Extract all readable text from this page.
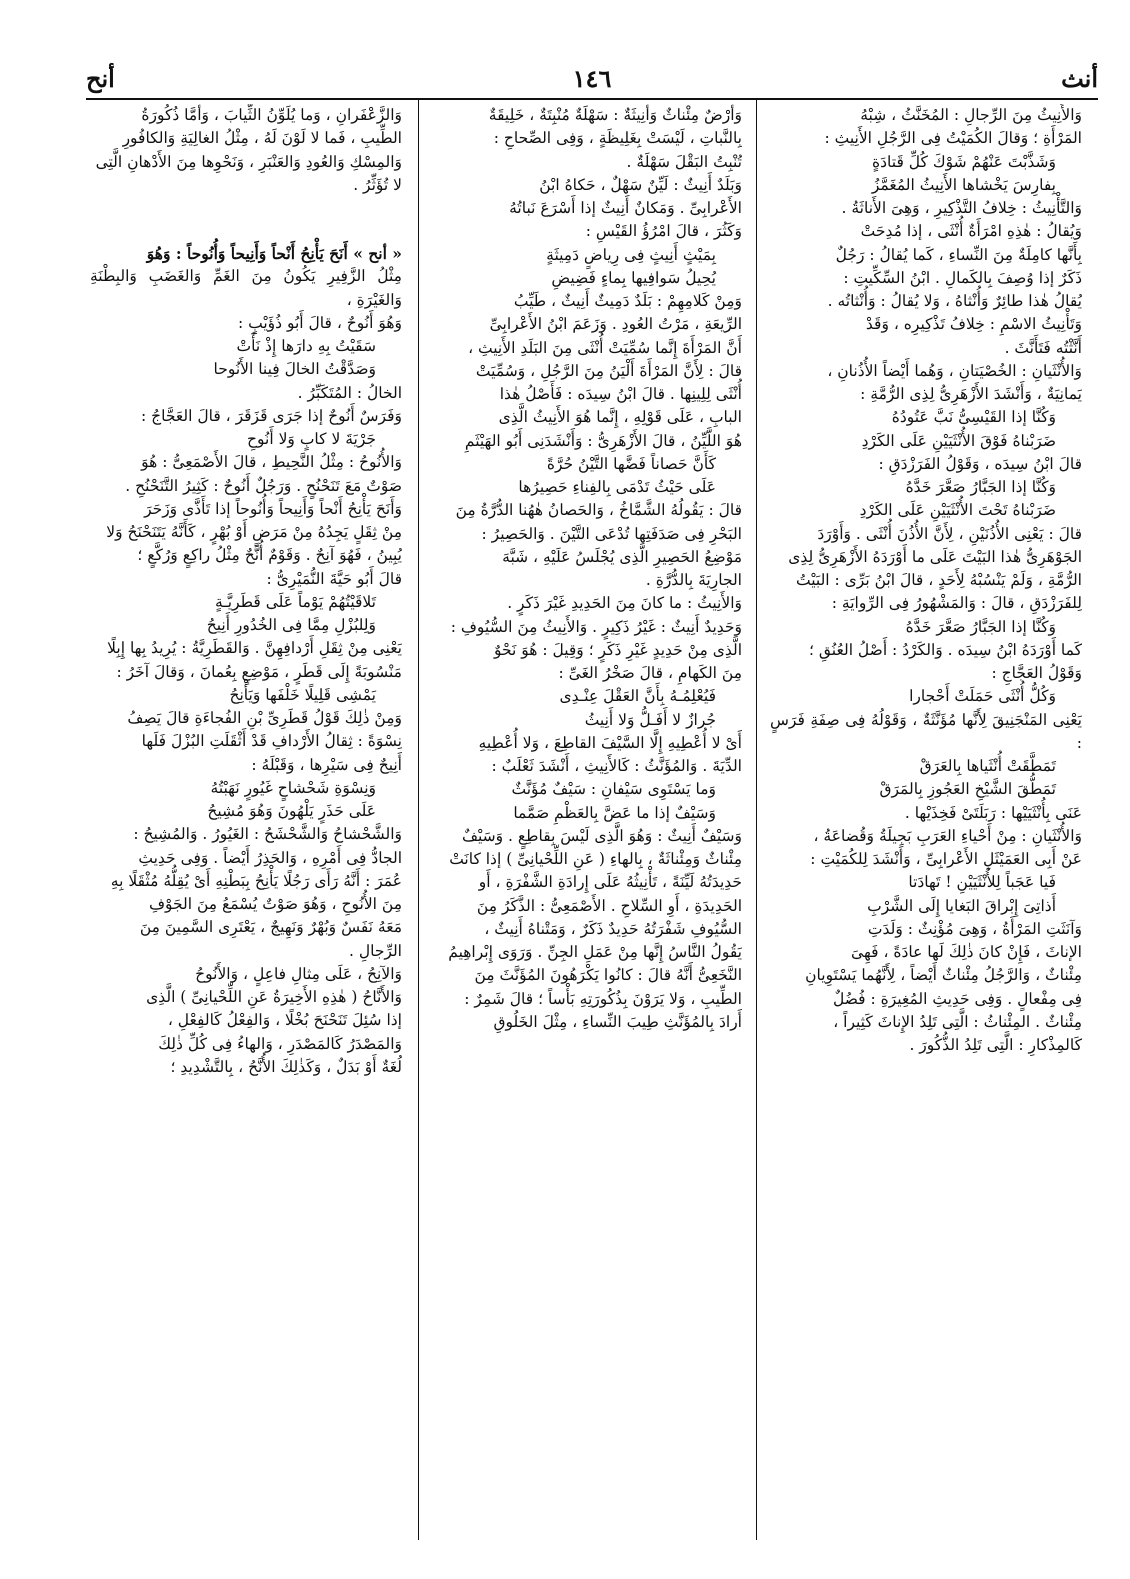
أنث
١٤٦
أنح

وَالأَنِيثُ مِنَ الرِّجالِ : المُخَنَّثُ ، شِبْهُ

المَرْأَةِ ؛ وَقالَ الكُمَيْتُ فِى الرَّجُلِ الأَنِيثِ :

وَشَذَّبْتَ عَنْهُمْ شَوْكَ كُلِّ قَتادَةٍ

بِفارِسَ يَخْشاها الأَنِيثُ المُغَمَّزُ

وَالتَّأْنِيثُ : خِلافُ التَّذْكِيرِ ، وَهِىَ الأَناثَةُ .

وَيُقالُ : هٰذِهِ امْرَأَةٌ أُنْثَى ، إذا مُدِحَتْ

بِأَنَّها كامِلَةٌ مِنَ النِّساءِ ، كَما يُقالُ : رَجُلٌ

ذَكَرٌ إذا وُصِفَ بِالكَمالِ . ابْنُ السِّكِّيتِ :

يُقالُ هٰذا طائِرٌ وَأُنْثاهُ ، وَلا يُقالُ : وَأُنْثاتُه .

وَتَأْنِيثُ الاسْمِ : خِلافُ تَذْكِيرِه ، وَقَدْ

أَنَّثْتُه فَتَأَنَّثَ .

وَالأُنْثَيانِ : الخُصْيَتانِ ، وَهُما أَيْضاً الأُذُنانِ ،

يَمانِيَةٌ ، وَأَنْشَدَ الأَزْهَرِىُّ لِذِى الرُّمَّةِ :

وَكُنَّا إذا القَيْسِىُّ نَبَّ عَتُودُهُ

ضَرَبْناهُ فَوْقَ الأُنْثَيَيْنِ عَلَى الكَرْدِ

قالَ ابْنُ سِيدَه ، وَقَوْلُ الفَرَزْدَقِ :

وَكُنَّا إذا الجَبَّارُ صَعَّرَ خَدَّهُ

ضَرَبْناهُ تَحْتَ الأُنْثَيَيْنِ عَلَى الكَرْدِ

قالَ : يَعْنِى الأُذُنَيْنِ ، لِأَنَّ الأُذُنَ أُنْثَى . وَأَوْرَدَ

الجَوْهَرِىُّ هٰذا البَيْتَ عَلَى ما أَوْرَدَهُ الأَزْهَرِىُّ لِذِى

الرُّمَّةِ ، وَلَمْ يَنْسُبْهُ لِأَحَدٍ ، قالَ ابْنُ بَرِّى : البَيْتُ

لِلفَرَزْدَقِ ، قالَ : وَالمَشْهُورُ فِى الرِّوايَةِ :

وَكُنَّا إذا الجَبَّارُ صَعَّرَ خَدَّهُ

كَما أَوْرَدَهُ ابْنُ سِيدَه . وَالكَرْدُ : أَصْلُ العُنُقِ ؛

وَقَوْلُ العَجَّاجِ :

وَكُلُّ أُنْثَى حَمَلَتْ أَحْجارا

يَعْنِى المَنْجَنِيقَ لِأَنَّها مُؤَنَّثَةٌ ، وَقَوْلُهُ فِى صِفَةِ فَرَسٍ :

تَمَطَّقَتْ أُنْثَياها بِالعَرَقْ

تَمَطُّقَ الشَّيْخِ العَجُوزِ بِالمَرَقْ

عَنَى بِأُنْثَيَيْها : رَبَلَتَىْ فَخِذَيْها .

وَالأُنْثَيانِ : مِنْ أَحْياءِ العَرَبِ بَجِيلَةُ وَقُضاعَةُ ،

عَنْ أَبِى العَمَيْثَلِ الأَعْرابِىِّ ، وَأَنْشَدَ لِلكُمَيْتِ :

فَيا عَجَباً لِلأُنْثَيَيْنِ ! تَهادَتا

أَذاتِىَ إِبْراقَ البَغايا إِلَى الشَّرْبِ

وَآنَثَتِ المَرْأَةُ ، وَهِىَ مُؤْنِثٌ : وَلَدَتِ

الإناثَ ، فَإِنْ كانَ ذٰلِكَ لَها عادَةً ، فَهِىَ

مِئْناثٌ ، وَالرَّجُلُ مِئْناثٌ أَيْضاً ، لِأَنَّهُما يَسْتَوِيانِ

فِى مِفْعالٍ . وَفِى حَدِيثِ المُغِيرَةِ : فُضُلٌ

مِئْناثٌ . المِئْناثُ : الَّتِى تَلِدُ الإِناثَ كَثِيراً ،

كَالمِذْكارِ : الَّتِى تَلِدُ الذُّكُورَ .

وَأَرْضٌ مِئْناثٌ وَأَنِيثَةٌ : سَهْلَةٌ مُنْبِتَةٌ ، خَلِيقَةٌ

بِالنَّباتِ ، لَيْسَتْ بِغَلِيظَةٍ ، وَفِى الصِّحاحِ :

تُنْبِتُ البَقْلَ سَهْلَةٌ .

وَبَلَدٌ أَنِيثٌ : لَيِّنٌ سَهْلٌ ، حَكاهُ ابْنُ

الأَعْرابِىِّ . وَمَكانٌ أَنِيثٌ إذا أَسْرَعَ نَباتُهُ

وَكَثُرَ ، قالَ امْرُؤُ القَيْسِ :

بِمَيْثٍ أَنِيثٍ فِى رِياضٍ دَمِيثَةٍ

يُحِيلُ سَوافِيها بِماءٍ فَضِيضِ

وَمِنْ كَلامِهِمْ : بَلَدٌ دَمِيثٌ أَنِيثٌ ، طَيِّبُ

الرِّيعَةِ ، مَرْتُ العُودِ . وَزَعَمَ ابْنُ الأَعْرابِىِّ

أَنَّ المَرْأَةَ إِنَّما سُمِّيَتْ أُنْثَى مِنَ البَلَدِ الأَنِيثِ ،

قالَ : لِأَنَّ المَرْأَةَ أَلْيَنُ مِنَ الرَّجُلِ ، وَسُمِّيَتْ

أُنْثَى لِلِينِها . قالَ ابْنُ سِيدَه : فَأَصْلُ هٰذا

البابِ ، عَلَى قَوْلِهِ ، إِنَّما هُوَ الأَنِيثُ الَّذِى

هُوَ اللَّيِّنُ ، قالَ الأَزْهَرِىُّ : وَأَنْشَدَنِى أَبُو الهَيْثَمِ

كَأَنَّ حَصاناً فَضَّها التَّيْنُ حُرَّةً

عَلَى حَيْثُ تَدْمَى بِالفِناءِ حَصِيرُها

قالَ : يَقُولُهُ الشَّمَّاخُ ، وَالحَصانُ هٰهُنا الدُّرَّةُ مِنَ

البَحْرِ فِى صَدَفَتِها تُدْعَى التَّيْنَ . وَالحَصِيرُ :

مَوْضِعُ الحَصِيرِ الَّذِى يُجْلَسُ عَلَيْهِ ، شَبَّهَ

الجارِيَةَ بِالدُّرَّةِ .

وَالأَنِيثُ : ما كانَ مِنَ الحَدِيدِ غَيْرَ ذَكَرٍ .

وَحَدِيدٌ أَنِيثٌ : غَيْرُ ذَكِيرٍ . وَالأَنِيثُ مِنَ السُّيُوفِ :

الَّذِى مِنْ حَدِيدٍ غَيْرِ ذَكَرٍ ؛ وَقِيلَ : هُوَ نَحْوٌ

مِنَ الكَهامِ ، قالَ صَخْرُ الغَىِّ :

فَيُعْلِمُـهُ بِأَنَّ العَقْلَ عِنْـدِى

جُرازٌ لا أَفَـلُّ وَلا أَنِيثُ

أَىْ لا أُعْطِيهِ إِلَّا السَّيْفَ القاطِعَ ، وَلا أُعْطِيهِ

الدِّيَةَ . وَالمُؤَنَّثُ : كَالأَنِيثِ ، أَنْشَدَ ثَعْلَبٌ :

وَما يَسْتَوِى سَيْفانِ : سَيْفٌ مُؤَنَّثٌ

وَسَيْفٌ إذا ما عَضَّ بِالعَظْمِ صَمَّما

وَسَيْفٌ أَنِيثٌ : وَهُوَ الَّذِى لَيْسَ بِقاطِعٍ . وَسَيْفٌ

مِئْناثٌ وَمِئْناثَةٌ ، بِالهاءِ ( عَنِ اللِّحْيانِىِّ ) إذا كانَتْ

حَدِيدَتُهُ لَيِّنَةً ، تَأْنِيثُهُ عَلَى إِرادَةِ الشَّفْرَةِ ، أَو

الحَدِيدَةِ ، أَوِ السِّلاحِ . الأَصْمَعِىُّ : الذَّكَرُ مِنَ

السُّيُوفِ شَفْرَتُهُ حَدِيدٌ ذَكَرٌ ، وَمَتْناهُ أَنِيثٌ ،

يَقُولُ النَّاسُ إِنَّها مِنْ عَمَلِ الجِنِّ . وَرَوَى إِبْراهِيمُ

النَّخَعِىُّ أَنَّهُ قالَ : كانُوا يَكْرَهُونَ المُؤَنَّثَ مِنَ

الطِّيبِ ، وَلا يَرَوْنَ بِذُكُورَتِهِ بَأْساً ؛ قالَ شَمِرٌ :

أَرادَ بِالمُؤَنَّثِ طِيبَ النِّساءِ ، مِثْلَ الخَلُوقِ

وَالزَّعْفَرانِ ، وَما يُلَوِّنُ الثِّيابَ ، وَأَمَّا ذُكُورَةُ

الطِّيبِ ، فَما لا لَوْنَ لَهُ ، مِثْلُ الغالِيَةِ وَالكافُورِ

وَالمِسْكِ وَالعُودِ وَالعَنْبَرِ ، وَنَحْوِها مِنَ الأَدْهانِ الَّتِى

لا تُؤَثِّرُ .

« أنح » أَنَحَ يَأْنِحُ أَنْحاً وَأَنِيحاً وَأُنُوحاً : وَهُوَ

مِثْلُ الزَّفِيرِ يَكُونُ مِنَ الغَمِّ وَالغَضَبِ وَالبِطْنَةِ وَالغَيْرَةِ ،

وَهُوَ أَنُوحٌ ، قالَ أَبُو ذُؤَيْبٍ :

سَقَيْتُ بِهِ دارَها إِذْ نَأَتْ

وَصَدَّقْتُ الخالَ فِينا الأَنُوحا

الخالُ : المُتَكَبِّرُ .

وَفَرَسٌ أَنُوحٌ إذا جَرَى قَزَقَرَ ، قالَ العَجَّاجُ :

جَرْيَةَ لا كابٍ وَلا أَنُوحِ

وَالأُنُوحُ : مِثْلُ النَّحِيطِ ، قالَ الأَصْمَعِىُّ : هُوَ

صَوْتٌ مَعَ تَنَحْنُحٍ . وَرَجُلٌ أَنُوحٌ : كَثِيرُ التَّنَحْنُحِ .

وَأَنَحَ يَأْنِحُ أَنْحاً وَأَنِيحاً وَأُنُوحاً إذا تَأَذَّى وَزَحَرَ

مِنْ ثِقَلٍ يَجِدُهُ مِنْ مَرَضٍ أَوْ بُهْرٍ ، كَأَنَّهُ يَتَنَحْنَحُ وَلا

يُبِينُ ، فَهُوَ آنِحٌ . وَقَوْمٌ أُنَّحٌ مِثْلُ راكِعٍ وَرُكَّعٍ ؛

قالَ أَبُو حَيَّةَ النُّمَيْرِىُّ :

تَلاقَيْتُهُمْ يَوْماً عَلَى قَطَرِيَّـةٍ

وَلِلبُزْلِ مِمَّا فِى الخُدُورِ أَنِيحُ

يَعْنِى مِنْ ثِقَلِ أَرْدافِهِنَّ . وَالقَطَرِيَّةُ : يُرِيدُ بِها إِبِلًا

مَنْسُوبَةً إِلَى قَطَرٍ ، مَوْضِعٍ بِعُمانَ ، وَقالَ آخَرُ :

يَمْشِى قَلِيلًا خَلْفَها وَيَأْنِحُ

وَمِنْ ذٰلِكَ قَوْلُ قَطَرِىِّ بْنِ الفُجاءَةِ قالَ يَصِفُ

نِسْوَةً : ثِقالُ الأَرْدافِ قَدْ أَثْقَلَتِ البُزْلَ فَلَها

أَنِيحٌ فِى سَيْرِها ، وَقَبْلَهُ :

وَنِسْوَةِ شَحْشاحٍ غَيُورٍ نَهَبْتُهُ

عَلَى حَذَرٍ يَلْهُونَ وَهُوَ مُشِيحُ

وَالشَّحْشاحُ وَالشَّحْشَحُ : الغَيُورُ . وَالمُشِيحُ :

الجادُّ فِى أَمْرِهِ ، وَالحَذِرُ أَيْضاً . وَفِى حَدِيثِ

عُمَرَ : أَنَّهُ رَأَى رَجُلًا يَأْنِحُ بِبَطْنِهِ أَىْ يُقِلُّهُ مُثْقَلًا بِهِ

مِنَ الأُنُوحِ ، وَهُوَ صَوْتٌ يُسْمَعُ مِنَ الجَوْفِ

مَعَهُ نَفَسٌ وَبُهْرٌ وَنَهِيجٌ ، يَعْتَرِى السَّمِينَ مِنَ

الرِّجالِ .

وَالآنِحُ ، عَلَى مِثالِ فاعِلٍ ، وَالأَنُوحُ

وَالأَنَّاحُ ( هٰذِهِ الأَخِيرَةُ عَنِ اللِّحْيانِىِّ ) الَّذِى

إذا سُئِلَ تَنَحْنَحَ بُخْلًا ، وَالفِعْلُ كَالفِعْلِ ،

وَالمَصْدَرُ كَالمَصْدَرِ ، وَالهاءُ فِى كُلِّ ذٰلِكَ

لُغَةٌ أَوْ بَدَلٌ ، وَكَذٰلِكَ الأُنَّحُ ، بِالتَّشْدِيدِ ؛
